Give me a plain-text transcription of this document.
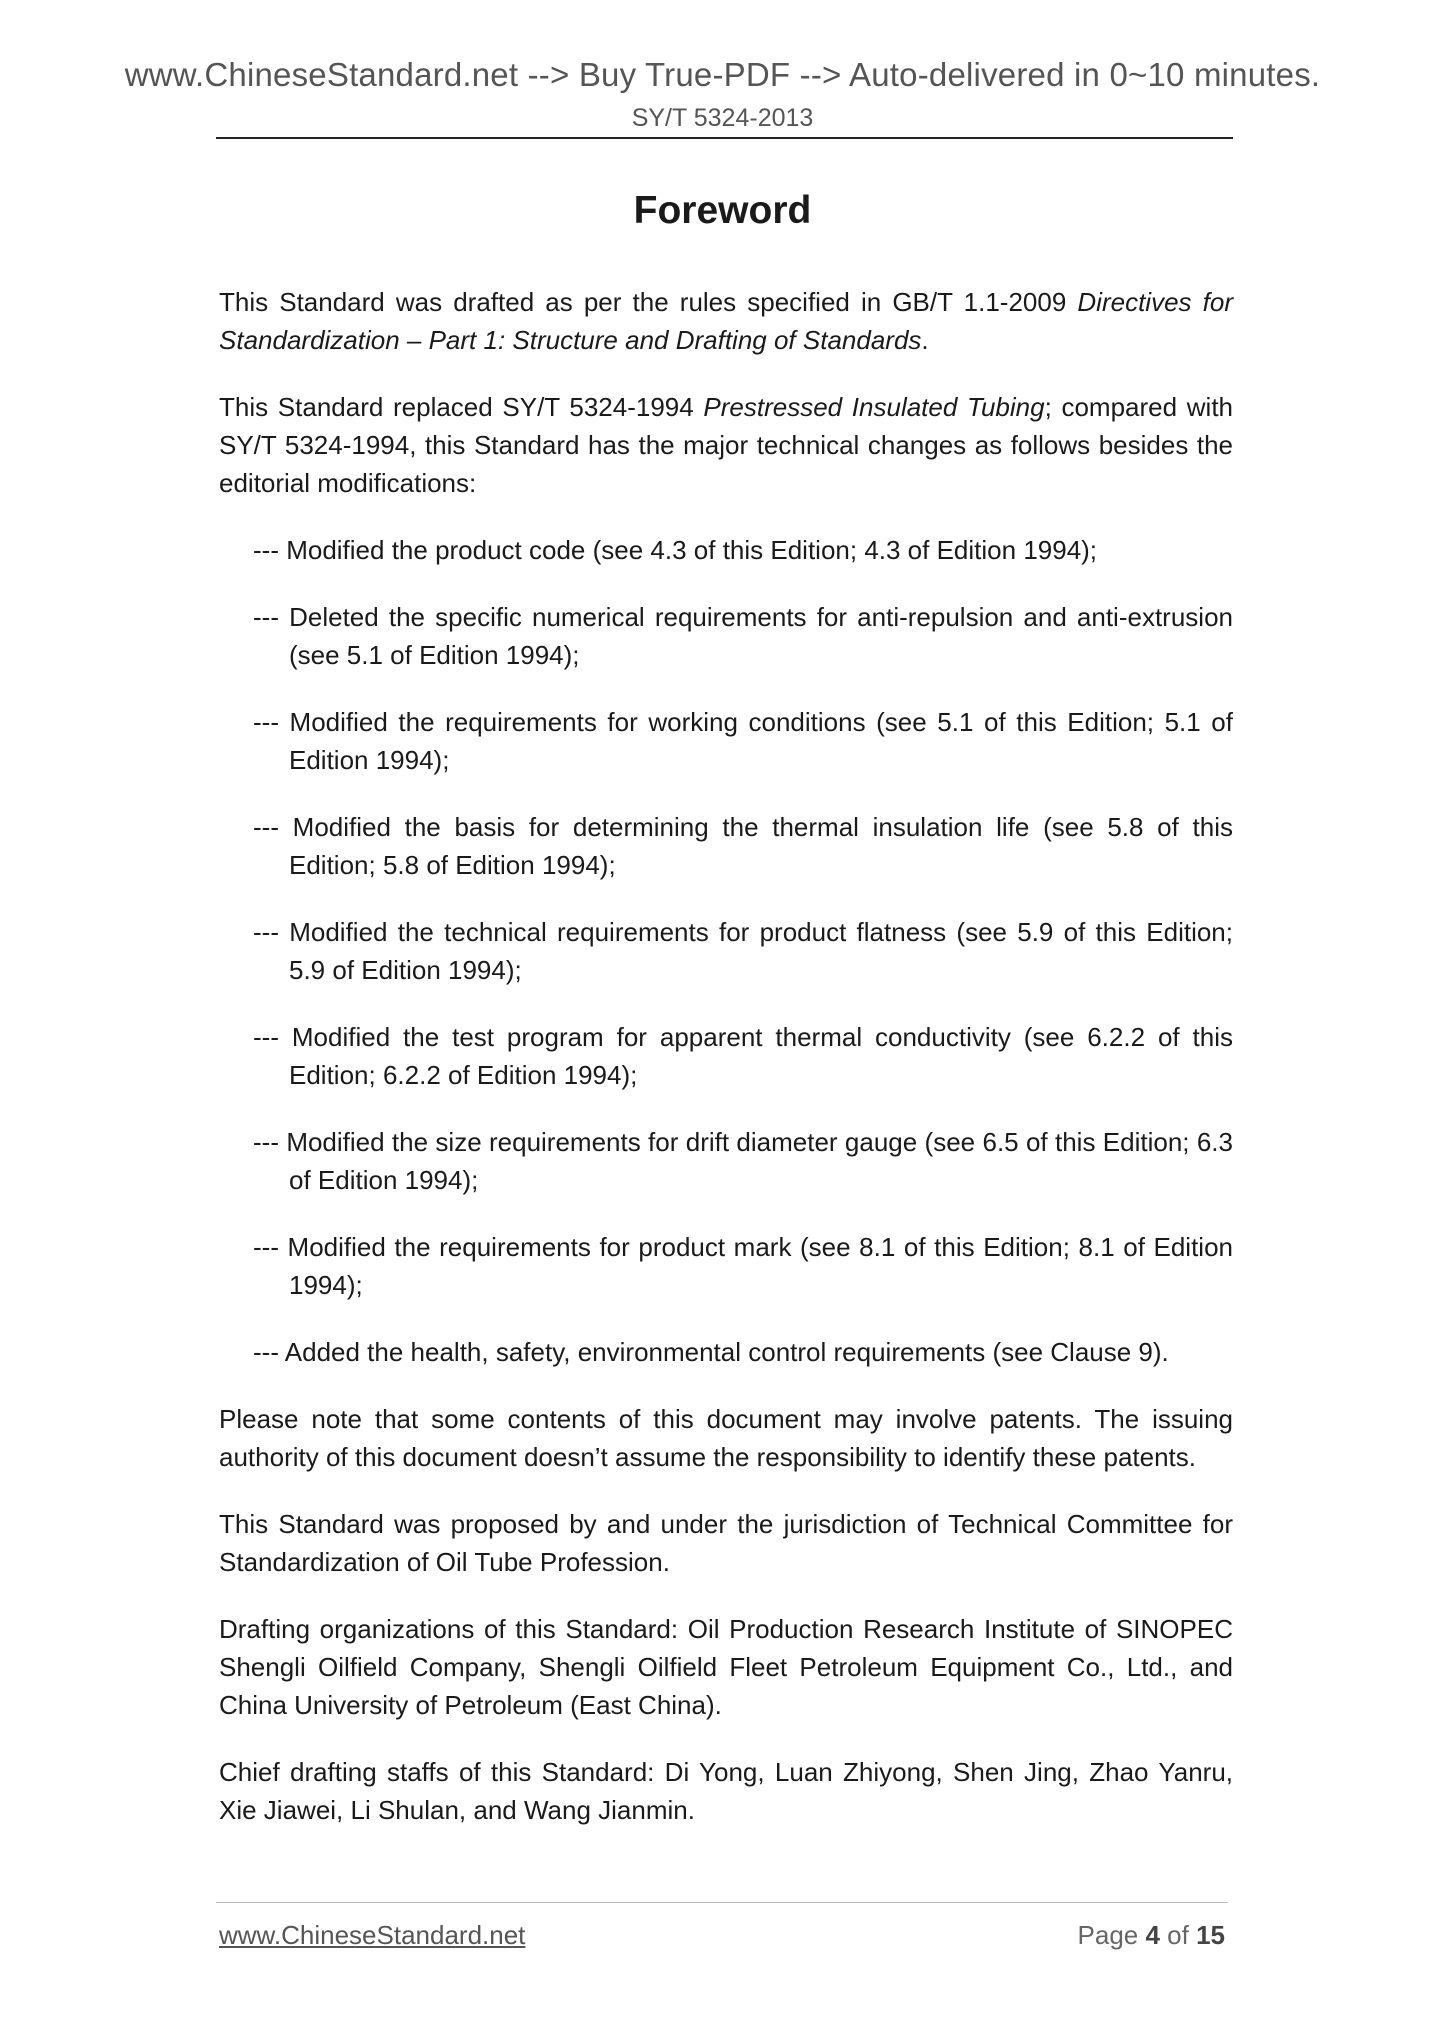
www.ChineseStandard.net --> Buy True-PDF --> Auto-delivered in 0~10 minutes.
SY/T 5324-2013
Foreword

This Standard was drafted as per the rules specified in GB/T 1.1-2009 Directives for Standardization – Part 1: Structure and Drafting of Standards.

This Standard replaced SY/T 5324-1994 Prestressed Insulated Tubing; compared with SY/T 5324-1994, this Standard has the major technical changes as follows besides the editorial modifications:

--- Modified the product code (see 4.3 of this Edition; 4.3 of Edition 1994);

--- Deleted the specific numerical requirements for anti-repulsion and anti-extrusion (see 5.1 of Edition 1994);

--- Modified the requirements for working conditions (see 5.1 of this Edition; 5.1 of Edition 1994);

--- Modified the basis for determining the thermal insulation life (see 5.8 of this Edition; 5.8 of Edition 1994);

--- Modified the technical requirements for product flatness (see 5.9 of this Edition; 5.9 of Edition 1994);

--- Modified the test program for apparent thermal conductivity (see 6.2.2 of this Edition; 6.2.2 of Edition 1994);

--- Modified the size requirements for drift diameter gauge (see 6.5 of this Edition; 6.3 of Edition 1994);

--- Modified the requirements for product mark (see 8.1 of this Edition; 8.1 of Edition 1994);

--- Added the health, safety, environmental control requirements (see Clause 9).

Please note that some contents of this document may involve patents. The issuing authority of this document doesn’t assume the responsibility to identify these patents.

This Standard was proposed by and under the jurisdiction of Technical Committee for Standardization of Oil Tube Profession.

Drafting organizations of this Standard: Oil Production Research Institute of SINOPEC Shengli Oilfield Company, Shengli Oilfield Fleet Petroleum Equipment Co., Ltd., and China University of Petroleum (East China).

Chief drafting staffs of this Standard: Di Yong, Luan Zhiyong, Shen Jing, Zhao Yanru, Xie Jiawei, Li Shulan, and Wang Jianmin.

www.ChineseStandard.net	Page 4 of 15
